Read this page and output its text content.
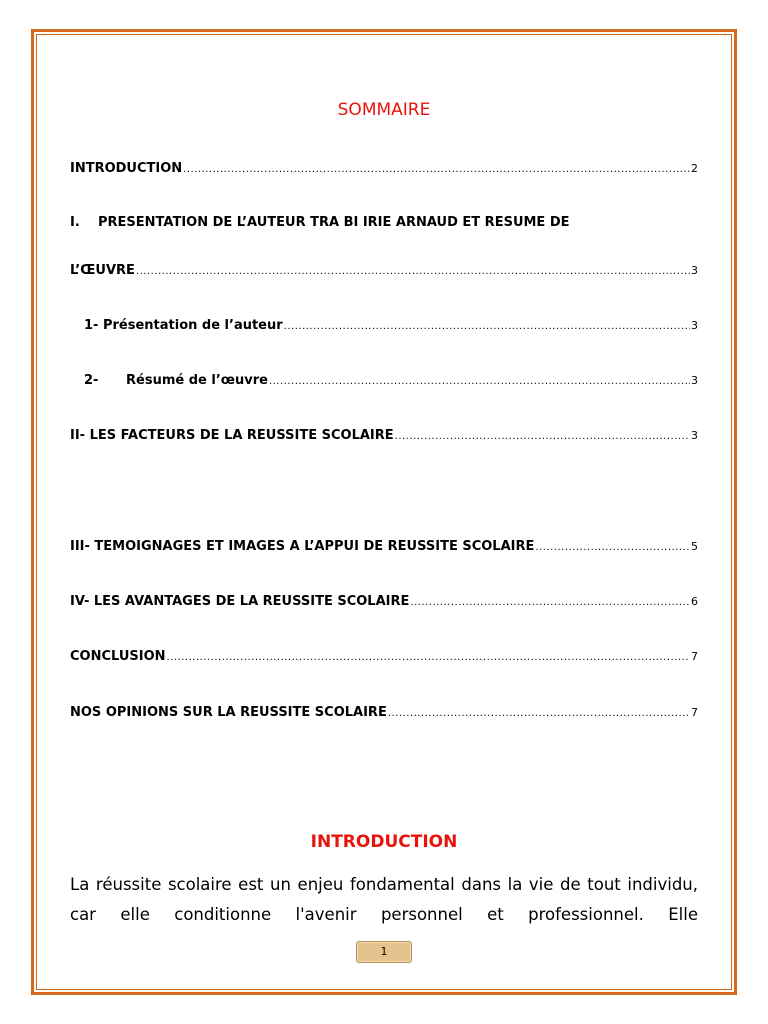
SOMMAIRE
INTRODUCTION .....	2
I. PRESENTATION DE L’AUTEUR TRA BI IRIE ARNAUD ET RESUME DE
L’ŒUVRE .....	3
1- Présentation de l’auteur .....	3
2- Résumé de l’œuvre .....	3
II- LES FACTEURS DE LA REUSSITE SCOLAIRE .....	3
III- TEMOIGNAGES ET IMAGES A L’APPUI DE REUSSITE SCOLAIRE .....	5
IV- LES AVANTAGES DE LA REUSSITE SCOLAIRE .....	6
CONCLUSION .....	7
NOS OPINIONS SUR LA REUSSITE SCOLAIRE .....	7
INTRODUCTION
La réussite scolaire est un enjeu fondamental dans la vie de tout individu, car elle conditionne l'avenir personnel et professionnel. Elle
1
